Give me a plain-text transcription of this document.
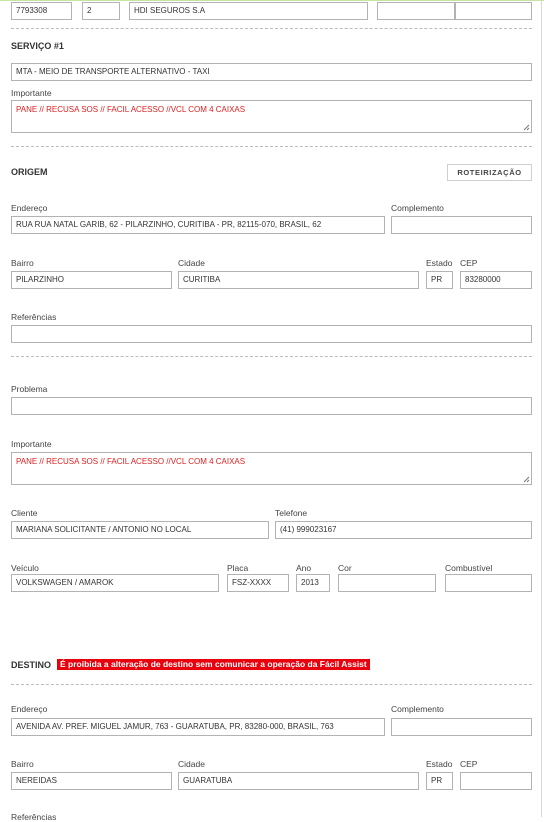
7793308	2	HDI SEGUROS S.A
SERVIÇO #1
MTA - MEIO DE TRANSPORTE ALTERNATIVO - TAXI
Importante
PANE // RECUSA SOS // FACIL ACESSO //VCL COM 4 CAIXAS
ORIGEM	ROTEIRIZAÇÃO
Endereço
RUA RUA NATAL GARIB, 62 - PILARZINHO, CURITIBA - PR, 82115-070, BRASIL, 62
Complemento
Bairro
PILARZINHO
Cidade
CURITIBA
Estado
PR
CEP
83280000
Referências
Problema
Importante
PANE // RECUSA SOS // FACIL ACESSO //VCL COM 4 CAIXAS
Cliente
MARIANA SOLICITANTE / ANTONIO NO LOCAL
Telefone
(41) 999023167
Veículo
VOLKSWAGEN / AMAROK
Placa
FSZ-XXXX
Ano
2013
Cor	Combustível
DESTINO	É proibida a alteração de destino sem comunicar a operação da Fácil Assist
Endereço
AVENIDA AV. PREF. MIGUEL JAMUR, 763 - GUARATUBA, PR, 83280-000, BRASIL, 763
Complemento
Bairro
NEREIDAS
Cidade
GUARATUBA
Estado
PR
CEP
Referências
